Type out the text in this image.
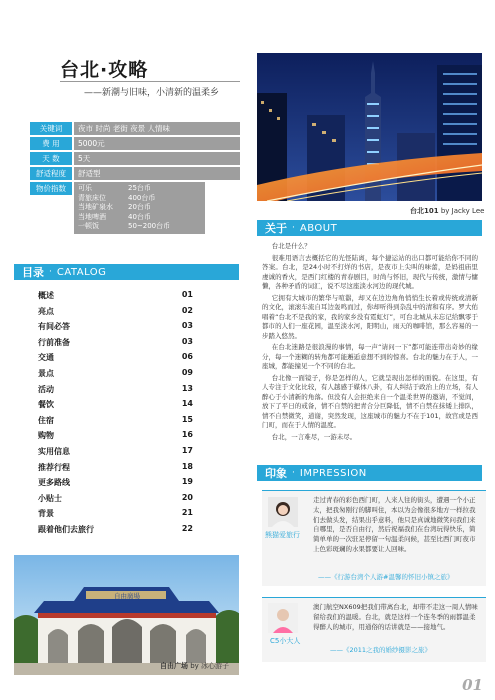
台北·攻略
——新潮与旧味，小清新的温柔乡
关键词	夜市 时尚 老街 夜景 人情味
费 用	5000元
天 数	5天
舒适程度	舒适型
物价指数	可乐	25台币
青旅床位	400台币
当地矿泉水	20台币
当地啤酒	40台币
一顿饭	50~200台币
目录 · CATALOG
概述	01
亮点	02
有间必答	03
行前准备	03
交通	06
景点	09
活动	13
餐饮	14
住宿	15
购物	16
实用信息	17
推荐行程	18
更多路线	19
小贴士	20
背景	21
跟着他们去旅行	22
自由廣場
自由广场 by 冰心游子
台北101 by Jacky Lee
关于 · ABOUT

台北是什么？

很难用语言去概括它的光怪陆离，每个捷运站的出口都可能给你不同的答案。台北，是24小时不打烊的书店，是夜市上尖叫的味蕾，是妈祖庙里虔诚的香火，是西门红楼的青春剧目，时尚与怀旧，现代与传统，激情与慵懒，各种矛盾的词汇，说不尽这座淡水河边的现代城。

它拥有大城市的繁华与喧嚣，却又在边边角角悄悄生长着或传统或清新的文化，滚滚车流自耳边轰鸣而过，你却听得到杂乱中的清和有序。罗大佑唱着“台北不是我的家，我的家乡没有霓虹灯”，可台北城从未忘记给飘零于都市的人们一座花园，温至淡水河，阳明山，雨天的咖啡馆，那么容易的一步踏入悠然。

在台北迷路是很浪漫的事情，每一声“请问一下”都可能连带出奇妙的缘分，每一个迷糊的转角都可能邂逅意想不到的惊喜。台北的魅力在于人，一座城，都能撞见一个不同的台北。

台北像一面镜子，你是怎样的人，它就呈现出怎样的面貌。在这里，有人专注于文化比较，有人越感于媒体八卦，有人纠结于政治上的立场，有人醉心于小清新的角落。但没有人会拒绝来自一个温柔世界的邀请，不觉间，放下了平日的戒备，情不自禁的把青合分巨降低，情不自禁在抹矮上排队，情不自禁微笑，道谢，突然发现，这座城市的魅力不在于101，故宫或是西门町，而在于人情的温度。

台北，一言难尽，一游未尽。

印象 · IMPRESSION
熊猫爱旅行
走过青春的彩色西门町，人来人往的街头，遭遇一个小正太，把我匆刚行的脚叫住，本以为会像很多地方一样拉我们去做头发，结果出乎意料，他只是真诚地微笑问我们来自哪里，是否自由行，然后祝福我们在台湾玩得快乐，简简单单的一次驻足停留一句温柔问候，甚至比西门町夜市上色彩斑斓的水果都要让人回味。
——《行游台湾个人游#温馨的怀旧小镇之旅》
C5小大人
澳门航空NX609把我们带离台北，却带不走这一周人情味留给我们的温暖。台北，就是这样一个连冬季的雨都温柔得醉人的城市，用通俗的话讲就是——接地气。
——《2011之我的婚纱摄影之旅》
01
